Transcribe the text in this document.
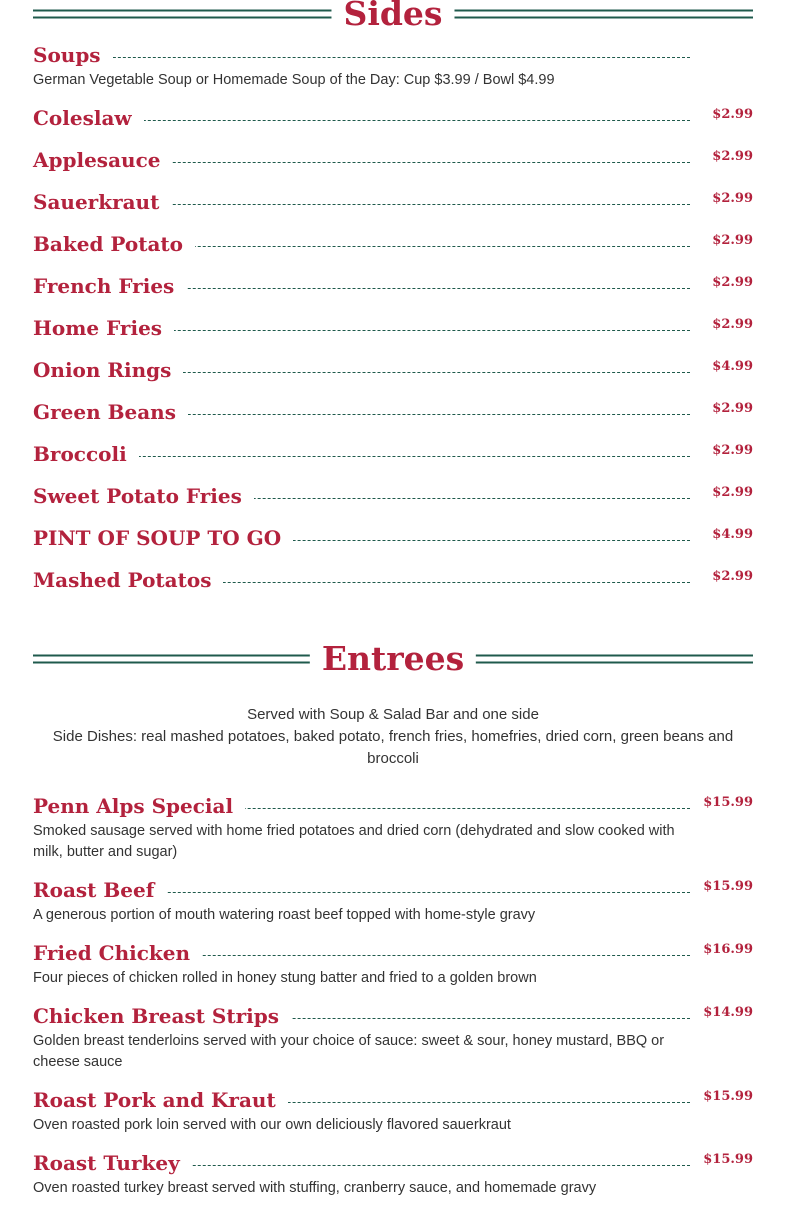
Sides
Soups
German Vegetable Soup or Homemade Soup of the Day: Cup $3.99 / Bowl $4.99
Coleslaw	$2.99
Applesauce	$2.99
Sauerkraut	$2.99
Baked Potato	$2.99
French Fries	$2.99
Home Fries	$2.99
Onion Rings	$4.99
Green Beans	$2.99
Broccoli	$2.99
Sweet Potato Fries	$2.99
PINT OF SOUP TO GO	$4.99
Mashed Potatos	$2.99
Entrees
Served with Soup & Salad Bar and one side
Side Dishes: real mashed potatoes, baked potato, french fries, homefries, dried corn, green beans and broccoli
Penn Alps Special	$15.99
Smoked sausage served with home fried potatoes and dried corn (dehydrated and slow cooked with milk, butter and sugar)
Roast Beef	$15.99
A generous portion of mouth watering roast beef topped with home-style gravy
Fried Chicken	$16.99
Four pieces of chicken rolled in honey stung batter and fried to a golden brown
Chicken Breast Strips	$14.99
Golden breast tenderloins served with your choice of sauce: sweet & sour, honey mustard, BBQ or cheese sauce
Roast Pork and Kraut	$15.99
Oven roasted pork loin served with our own deliciously flavored sauerkraut
Roast Turkey	$15.99
Oven roasted turkey breast served with stuffing, cranberry sauce, and homemade gravy
